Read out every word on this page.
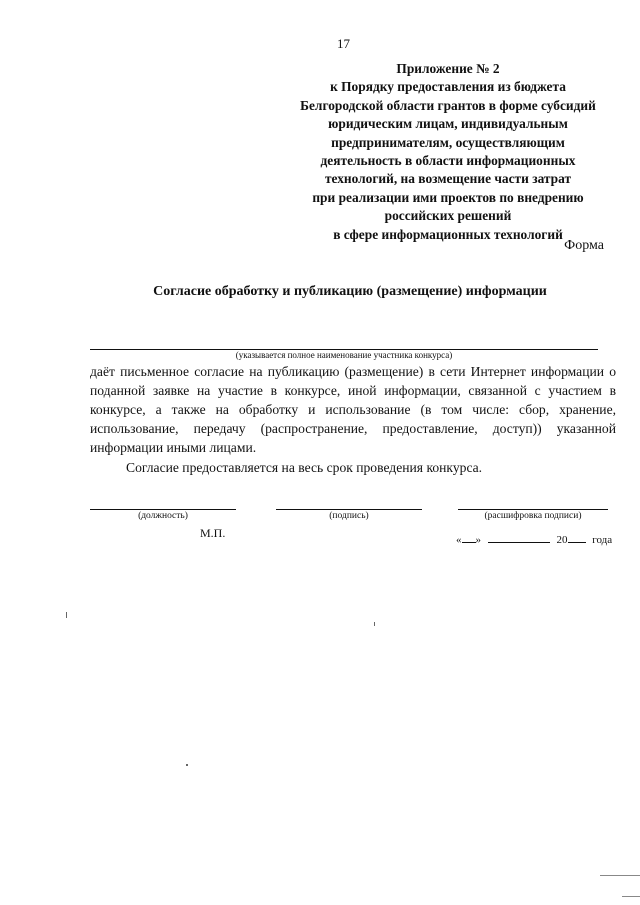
17
Приложение № 2
к Порядку предоставления из бюджета
Белгородской области грантов в форме субсидий
юридическим лицам, индивидуальным
предпринимателям, осуществляющим
деятельность в области информационных
технологий, на возмещение части затрат
при реализации ими проектов по внедрению
российских решений
в сфере информационных технологий
Форма
Согласие обработку и публикацию (размещение) информации
(указывается полное наименование участника конкурса)

даёт письменное согласие на публикацию (размещение) в сети Интернет информации о поданной заявке на участие в конкурсе, иной информации, связанной с участием в конкурсе, а также на обработку и использование (в том числе: сбор, хранение, использование, передачу (распространение, предоставление, доступ)) указанной информации иными лицами.

Согласие предоставляется на весь срок проведения конкурса.

(должность)	(подпись)	(расшифровка подписи)
М.П.	« »	20 года
